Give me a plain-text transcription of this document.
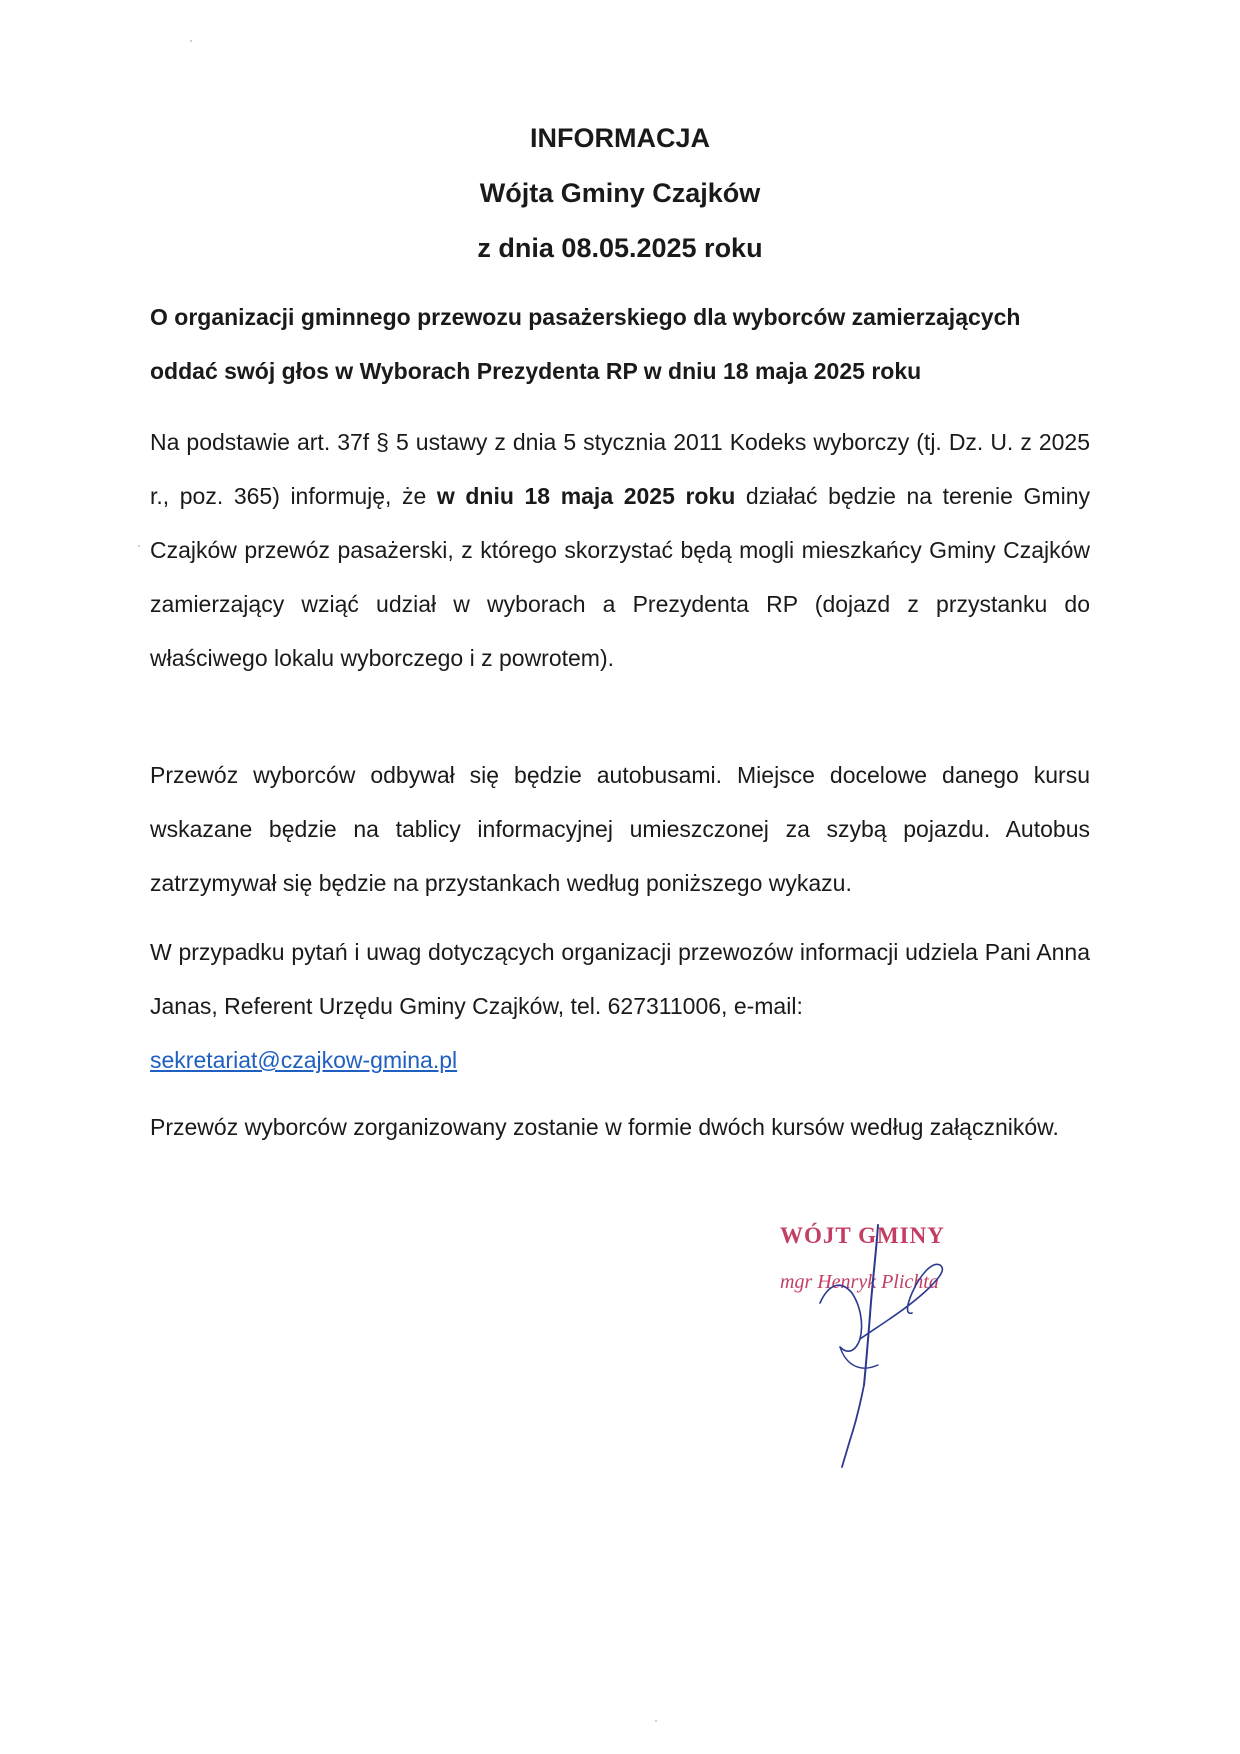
INFORMACJA
Wójta Gminy Czajków
z dnia 08.05.2025 roku
O organizacji gminnego przewozu pasażerskiego dla wyborców zamierzających
oddać swój głos w Wyborach Prezydenta RP w dniu 18 maja 2025 roku
Na podstawie art. 37f § 5 ustawy z dnia 5 stycznia 2011 Kodeks wyborczy (tj. Dz. U. z 2025 r., poz. 365) informuję, że w dniu 18 maja 2025 roku działać będzie na terenie Gminy Czajków przewóz pasażerski, z którego skorzystać będą mogli mieszkańcy Gminy Czajków zamierzający wziąć udział w wyborach a Prezydenta RP (dojazd z przystanku do właściwego lokalu wyborczego i z powrotem).
Przewóz wyborców odbywał się będzie autobusami. Miejsce docelowe danego kursu wskazane będzie na tablicy informacyjnej umieszczonej za szybą pojazdu. Autobus zatrzymywał się będzie na przystankach według poniższego wykazu.
W przypadku pytań i uwag dotyczących organizacji przewozów informacji udziela Pani Anna Janas, Referent Urzędu Gminy Czajków, tel. 627311006, e-mail:
sekretariat@czajkow-gmina.pl
Przewóz wyborców zorganizowany zostanie w formie dwóch kursów według załączników.
WÓJT GMINY
mgr Henryk Plichta
